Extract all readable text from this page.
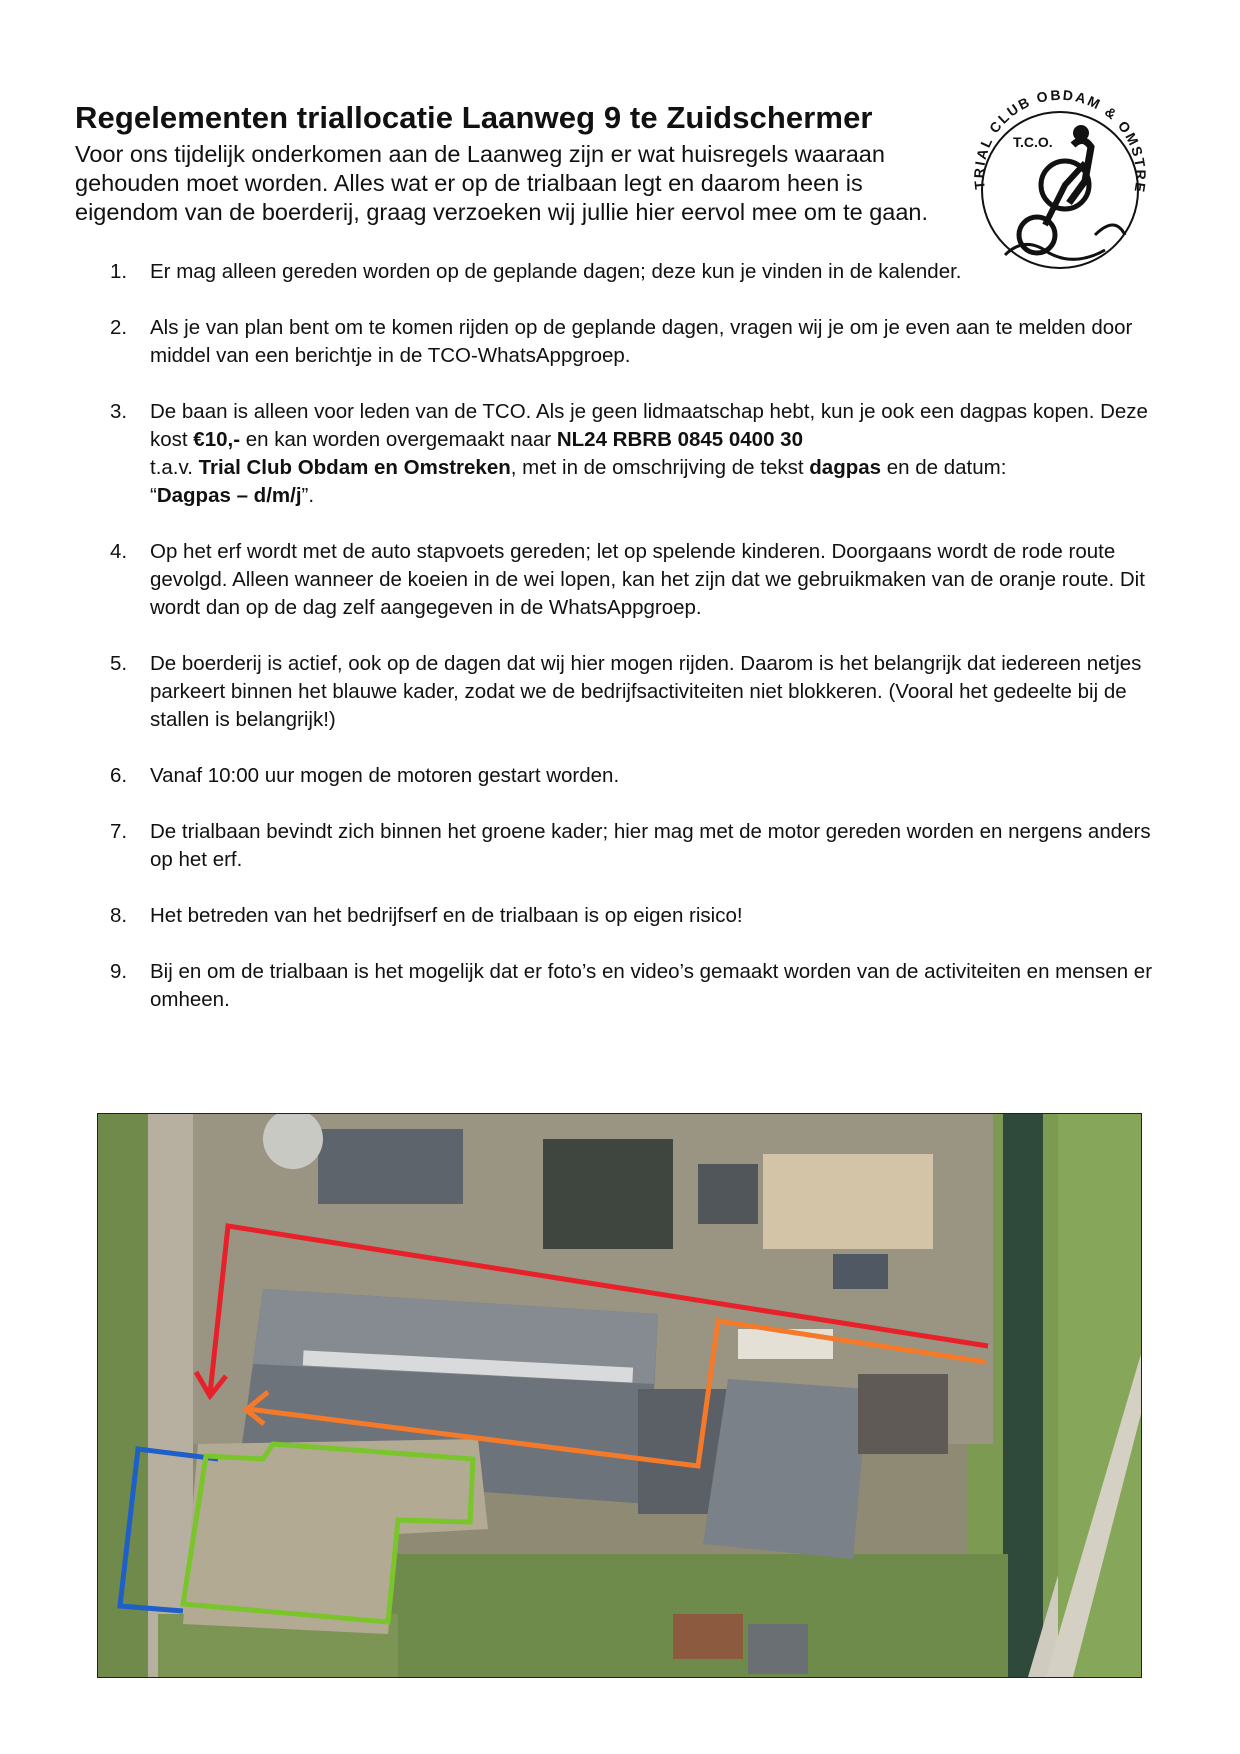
Regelementen triallocatie Laanweg 9 te Zuidschermer

Voor ons tijdelijk onderkomen aan de Laanweg zijn er wat huisregels waaraan gehouden moet worden. Alles wat er op de trialbaan legt en daarom heen is eigendom van de boerderij, graag verzoeken wij jullie hier eervol mee om te gaan.

TRIAL CLUB OBDAM & OMSTRE
T.C.O.
1. Er mag alleen gereden worden op de geplande dagen; deze kun je vinden in de kalender.
2. Als je van plan bent om te komen rijden op de geplande dagen, vragen wij je om je even aan te melden door middel van een berichtje in de TCO-WhatsAppgroep.
3. De baan is alleen voor leden van de TCO. Als je geen lidmaatschap hebt, kun je ook een dagpas kopen. Deze kost €10,- en kan worden overgemaakt naar NL24 RBRB 0845 0400 30
t.a.v. Trial Club Obdam en Omstreken, met in de omschrijving de tekst dagpas en de datum:
“Dagpas – d/m/j”.
4. Op het erf wordt met de auto stapvoets gereden; let op spelende kinderen. Doorgaans wordt de rode route gevolgd. Alleen wanneer de koeien in de wei lopen, kan het zijn dat we gebruikmaken van de oranje route. Dit wordt dan op de dag zelf aangegeven in de WhatsAppgroep.
5. De boerderij is actief, ook op de dagen dat wij hier mogen rijden. Daarom is het belangrijk dat iedereen netjes parkeert binnen het blauwe kader, zodat we de bedrijfsactiviteiten niet blokkeren. (Vooral het gedeelte bij de stallen is belangrijk!)
6. Vanaf 10:00 uur mogen de motoren gestart worden.
7. De trialbaan bevindt zich binnen het groene kader; hier mag met de motor gereden worden en nergens anders op het erf.
8. Het betreden van het bedrijfserf en de trialbaan is op eigen risico!
9. Bij en om de trialbaan is het mogelijk dat er foto’s en video’s gemaakt worden van de activiteiten en mensen er omheen.
